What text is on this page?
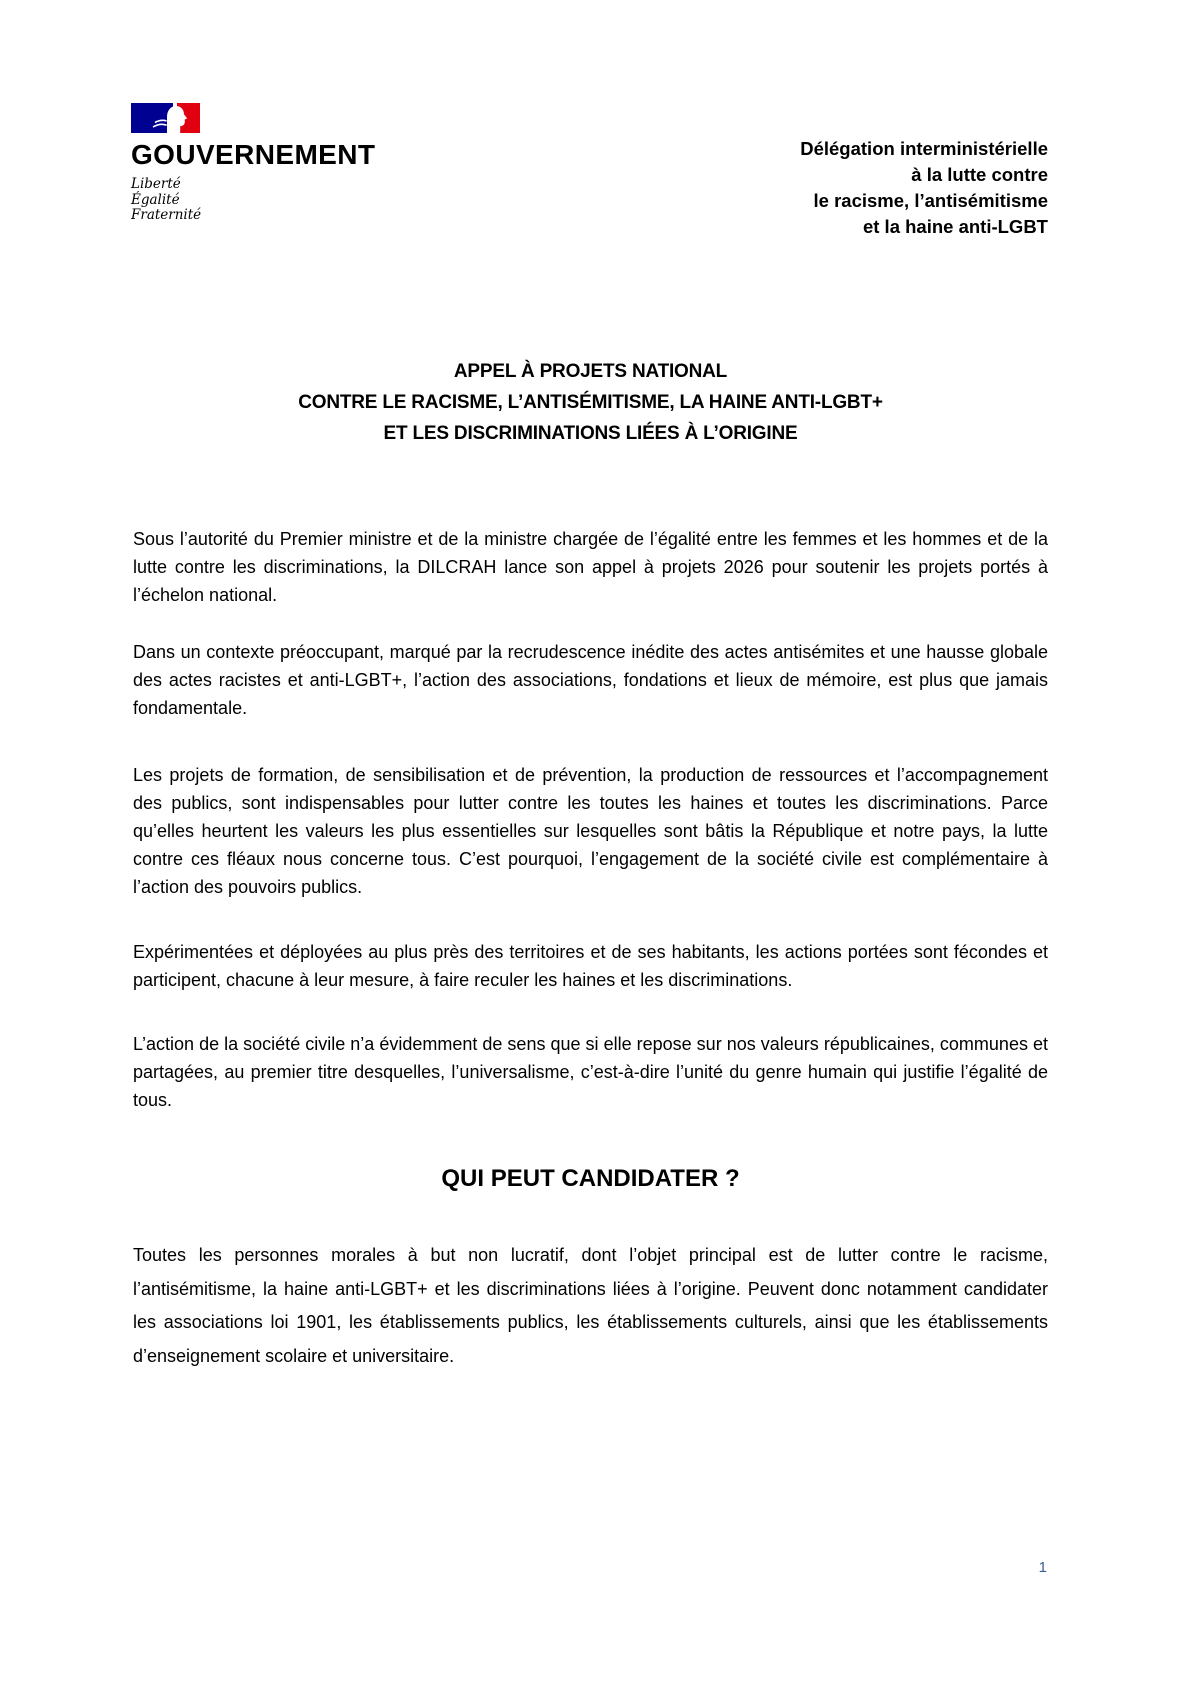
GOUVERNEMENT
Liberté
Égalité
Fraternité
Délégation interministérielle
à la lutte contre
le racisme, l’antisémitisme
et la haine anti-LGBT
APPEL À PROJETS NATIONAL
CONTRE LE RACISME, L’ANTISÉMITISME, LA HAINE ANTI-LGBT+
ET LES DISCRIMINATIONS LIÉES À L’ORIGINE

Sous l’autorité du Premier ministre et de la ministre chargée de l’égalité entre les femmes et les hommes et de la lutte contre les discriminations, la DILCRAH lance son appel à projets 2026 pour soutenir les projets portés à l’échelon national.

Dans un contexte préoccupant, marqué par la recrudescence inédite des actes antisémites et une hausse globale des actes racistes et anti-LGBT+, l’action des associations, fondations et lieux de mémoire, est plus que jamais fondamentale.

Les projets de formation, de sensibilisation et de prévention, la production de ressources et l’accompagnement des publics, sont indispensables pour lutter contre les toutes les haines et toutes les discriminations. Parce qu’elles heurtent les valeurs les plus essentielles sur lesquelles sont bâtis la République et notre pays, la lutte contre ces fléaux nous concerne tous. C’est pourquoi, l’engagement de la société civile est complémentaire à l’action des pouvoirs publics.

Expérimentées et déployées au plus près des territoires et de ses habitants, les actions portées sont fécondes et participent, chacune à leur mesure, à faire reculer les haines et les discriminations.

L’action de la société civile n’a évidemment de sens que si elle repose sur nos valeurs républicaines, communes et partagées, au premier titre desquelles, l’universalisme, c’est-à-dire l’unité du genre humain qui justifie l’égalité de tous.

QUI PEUT CANDIDATER ?

Toutes les personnes morales à but non lucratif, dont l’objet principal est de lutter contre le racisme, l’antisémitisme, la haine anti-LGBT+ et les discriminations liées à l’origine. Peuvent donc notamment candidater les associations loi 1901, les établissements publics, les établissements culturels, ainsi que les établissements d’enseignement scolaire et universitaire.

1
